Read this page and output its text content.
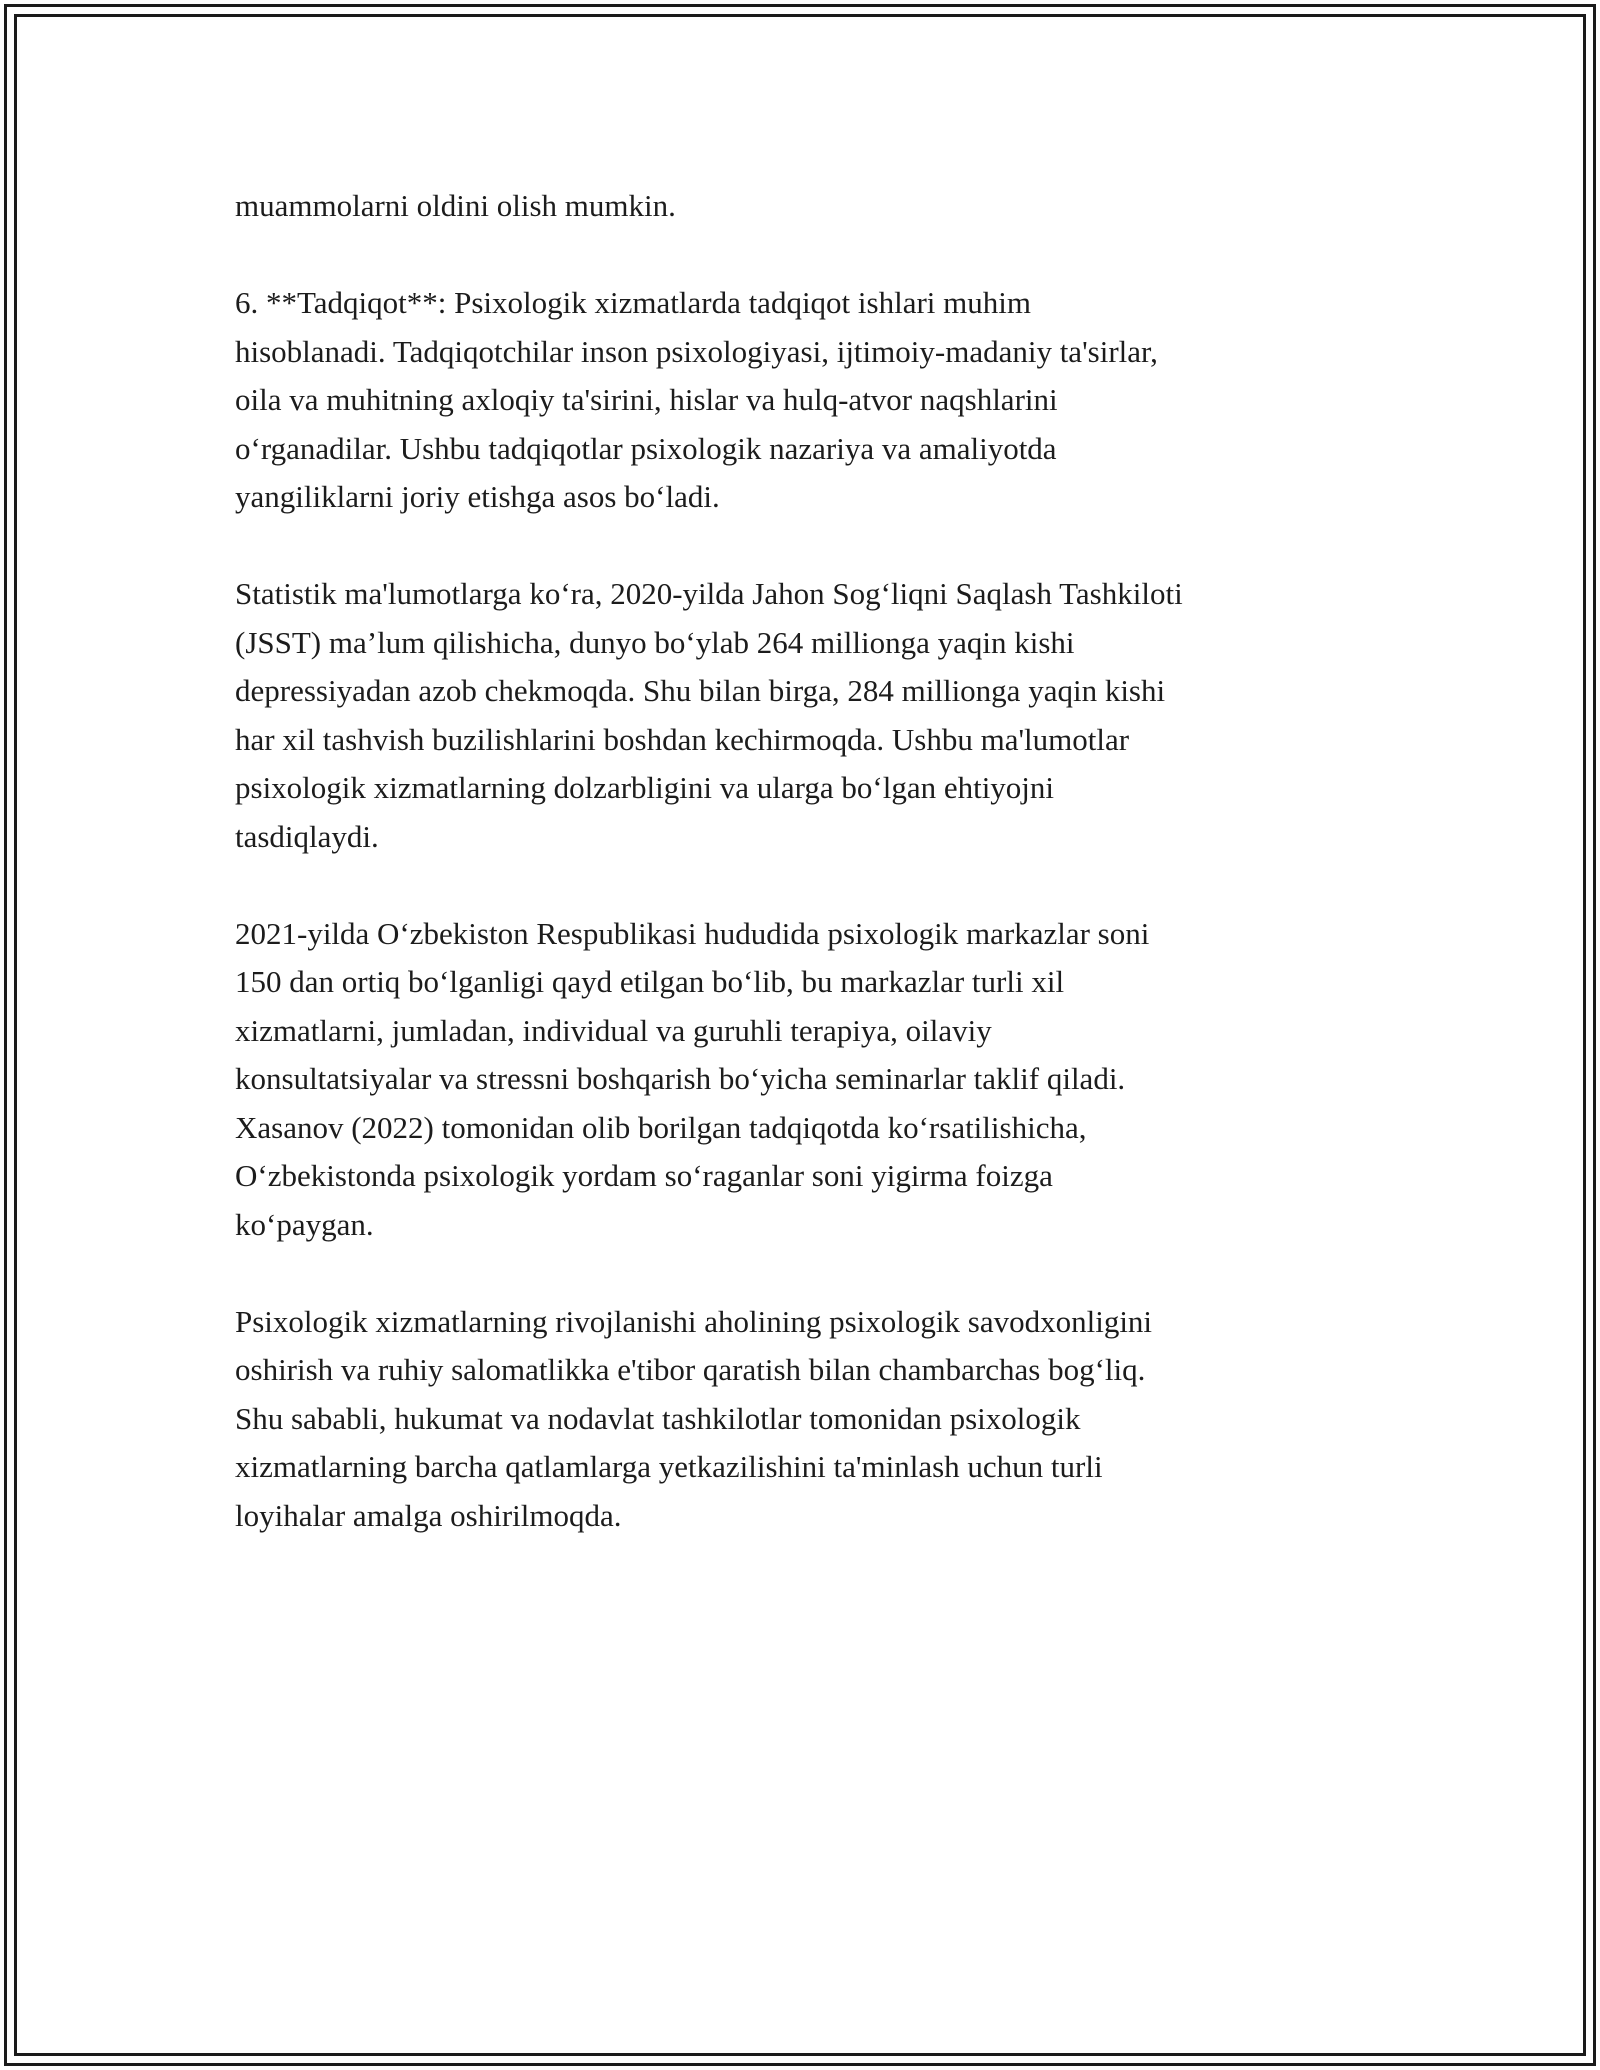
muammolarni oldini olish mumkin.

6. **Tadqiqot**: Psixologik xizmatlarda tadqiqot ishlari muhim
hisoblanadi. Tadqiqotchilar inson psixologiyasi, ijtimoiy-madaniy ta'sirlar,
oila va muhitning axloqiy ta'sirini, hislar va hulq-atvor naqshlarini
o‘rganadilar. Ushbu tadqiqotlar psixologik nazariya va amaliyotda
yangiliklarni joriy etishga asos bo‘ladi.

Statistik ma'lumotlarga ko‘ra, 2020-yilda Jahon Sog‘liqni Saqlash Tashkiloti
(JSST) ma’lum qilishicha, dunyo bo‘ylab 264 millionga yaqin kishi
depressiyadan azob chekmoqda. Shu bilan birga, 284 millionga yaqin kishi
har xil tashvish buzilishlarini boshdan kechirmoqda. Ushbu ma'lumotlar
psixologik xizmatlarning dolzarbligini va ularga bo‘lgan ehtiyojni
tasdiqlaydi.

2021-yilda O‘zbekiston Respublikasi hududida psixologik markazlar soni
150 dan ortiq bo‘lganligi qayd etilgan bo‘lib, bu markazlar turli xil
xizmatlarni, jumladan, individual va guruhli terapiya, oilaviy
konsultatsiyalar va stressni boshqarish bo‘yicha seminarlar taklif qiladi.
Xasanov (2022) tomonidan olib borilgan tadqiqotda ko‘rsatilishicha,
O‘zbekistonda psixologik yordam so‘raganlar soni yigirma foizga
ko‘paygan.

Psixologik xizmatlarning rivojlanishi aholining psixologik savodxonligini
oshirish va ruhiy salomatlikka e'tibor qaratish bilan chambarchas bog‘liq.
Shu sababli, hukumat va nodavlat tashkilotlar tomonidan psixologik
xizmatlarning barcha qatlamlarga yetkazilishini ta'minlash uchun turli
loyihalar amalga oshirilmoqda.
